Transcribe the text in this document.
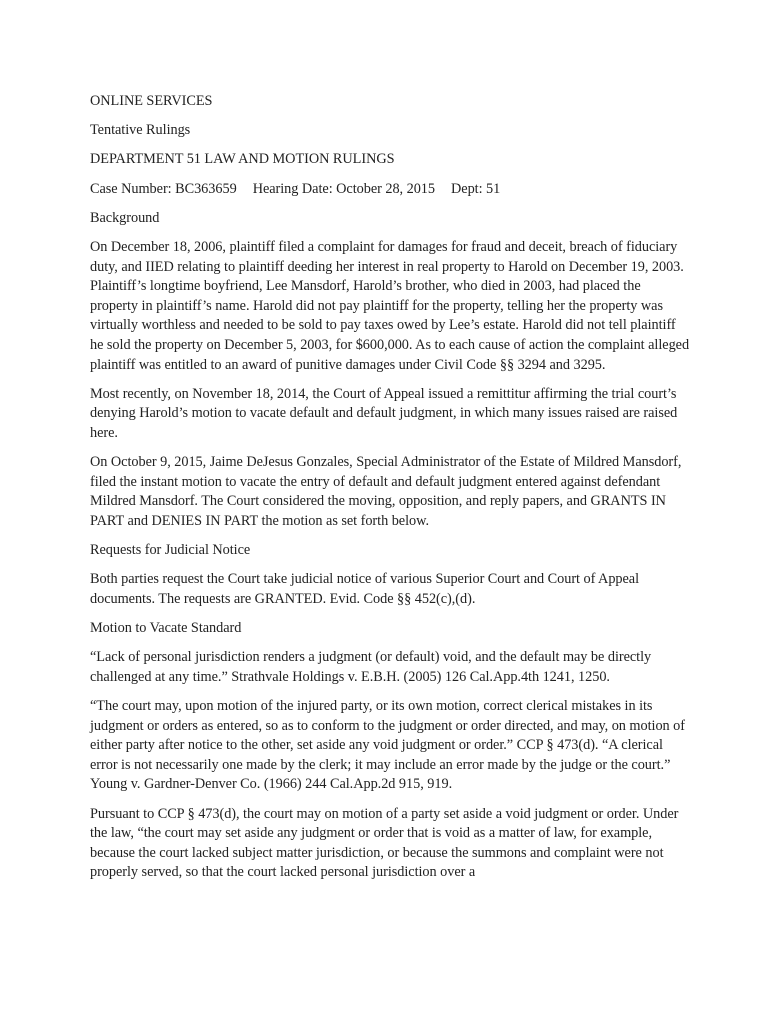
ONLINE SERVICES

Tentative Rulings

DEPARTMENT 51 LAW AND MOTION RULINGS

Case Number: BC363659 Hearing Date: October 28, 2015 Dept: 51

Background

On December 18, 2006, plaintiff filed a complaint for damages for fraud and deceit, breach of fiduciary duty, and IIED relating to plaintiff deeding her interest in real property to Harold on December 19, 2003. Plaintiff’s longtime boyfriend, Lee Mansdorf, Harold’s brother, who died in 2003, had placed the property in plaintiff’s name. Harold did not pay plaintiff for the property, telling her the property was virtually worthless and needed to be sold to pay taxes owed by Lee’s estate. Harold did not tell plaintiff he sold the property on December 5, 2003, for $600,000. As to each cause of action the complaint alleged plaintiff was entitled to an award of punitive damages under Civil Code §§ 3294 and 3295.

Most recently, on November 18, 2014, the Court of Appeal issued a remittitur affirming the trial court’s denying Harold’s motion to vacate default and default judgment, in which many issues raised are raised here.

On October 9, 2015, Jaime DeJesus Gonzales, Special Administrator of the Estate of Mildred Mansdorf, filed the instant motion to vacate the entry of default and default judgment entered against defendant Mildred Mansdorf. The Court considered the moving, opposition, and reply papers, and GRANTS IN PART and DENIES IN PART the motion as set forth below.

Requests for Judicial Notice

Both parties request the Court take judicial notice of various Superior Court and Court of Appeal documents. The requests are GRANTED. Evid. Code §§ 452(c),(d).

Motion to Vacate Standard

“Lack of personal jurisdiction renders a judgment (or default) void, and the default may be directly challenged at any time.” Strathvale Holdings v. E.B.H. (2005) 126 Cal.App.4th 1241, 1250.

“The court may, upon motion of the injured party, or its own motion, correct clerical mistakes in its judgment or orders as entered, so as to conform to the judgment or order directed, and may, on motion of either party after notice to the other, set aside any void judgment or order.” CCP § 473(d). “A clerical error is not necessarily one made by the clerk; it may include an error made by the judge or the court.” Young v. Gardner-Denver Co. (1966) 244 Cal.App.2d 915, 919.

Pursuant to CCP § 473(d), the court may on motion of a party set aside a void judgment or order. Under the law, “the court may set aside any judgment or order that is void as a matter of law, for example, because the court lacked subject matter jurisdiction, or because the summons and complaint were not properly served, so that the court lacked personal jurisdiction over a
